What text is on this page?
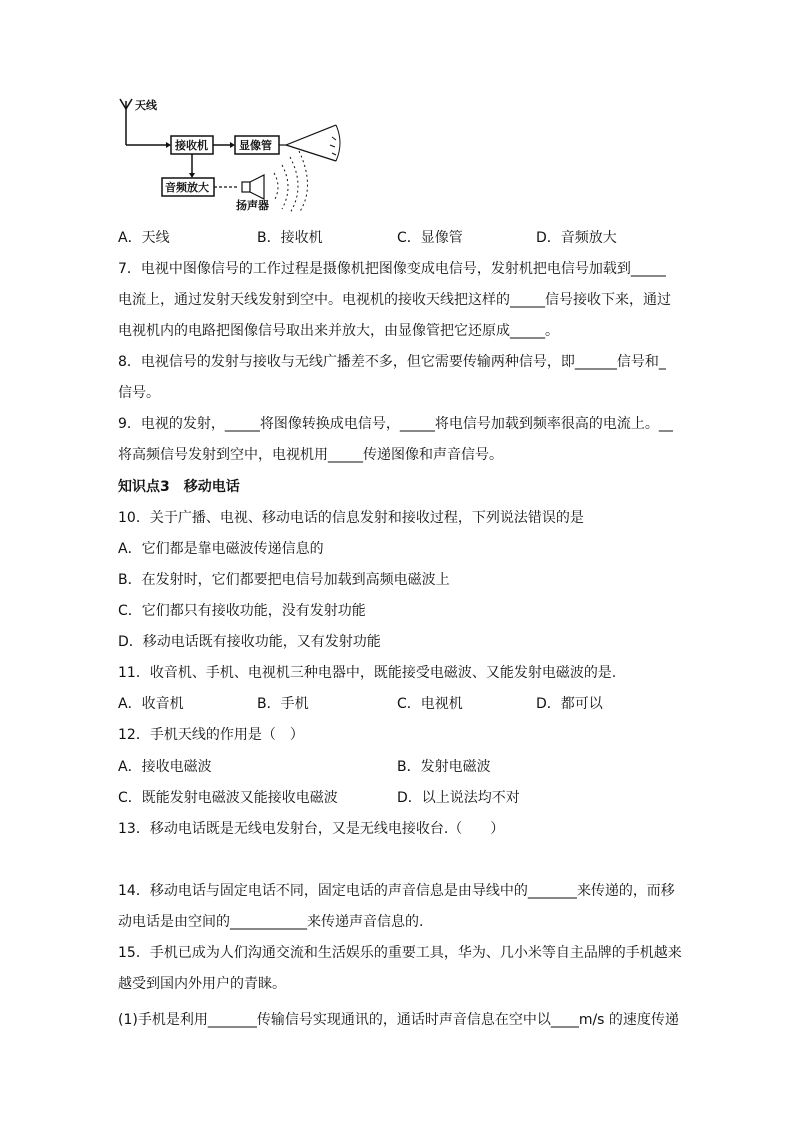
天线
接收机	显像管
音频放大
扬声器
A．天线	B．接收机	C．显像管	D．音频放大
7．电视中图像信号的工作过程是摄像机把图像变成电信号，发射机把电信号加载到_____
电流上，通过发射天线发射到空中。电视机的接收天线把这样的_____信号接收下来，通过
电视机内的电路把图像信号取出来并放大，由显像管把它还原成_____。
8．电视信号的发射与接收与无线广播差不多，但它需要传输两种信号，即______信号和_
信号。
9．电视的发射，_____将图像转换成电信号，_____将电信号加载到频率很高的电流上。__
将高频信号发射到空中，电视机用_____传递图像和声音信号。
知识点3　移动电话
10．关于广播、电视、移动电话的信息发射和接收过程，下列说法错误的是
A．它们都是靠电磁波传递信息的
B．在发射时，它们都要把电信号加载到高频电磁波上
C．它们都只有接收功能，没有发射功能
D．移动电话既有接收功能，又有发射功能
11．收音机、手机、电视机三种电器中，既能接受电磁波、又能发射电磁波的是.
A．收音机	B．手机	C．电视机	D．都可以
12．手机天线的作用是（　）
A．接收电磁波	B．发射电磁波
C．既能发射电磁波又能接收电磁波	D．以上说法均不对
13．移动电话既是无线电发射台，又是无线电接收台.（　　）
14．移动电话与固定电话不同，固定电话的声音信息是由导线中的_______来传递的，而移
动电话是由空间的___________来传递声音信息的.
15．手机已成为人们沟通交流和生活娱乐的重要工具，华为、几小米等自主品牌的手机越来
越受到国内外用户的青睐。
(1)手机是利用_______传输信号实现通讯的，通话时声音信息在空中以____m/s 的速度传递
